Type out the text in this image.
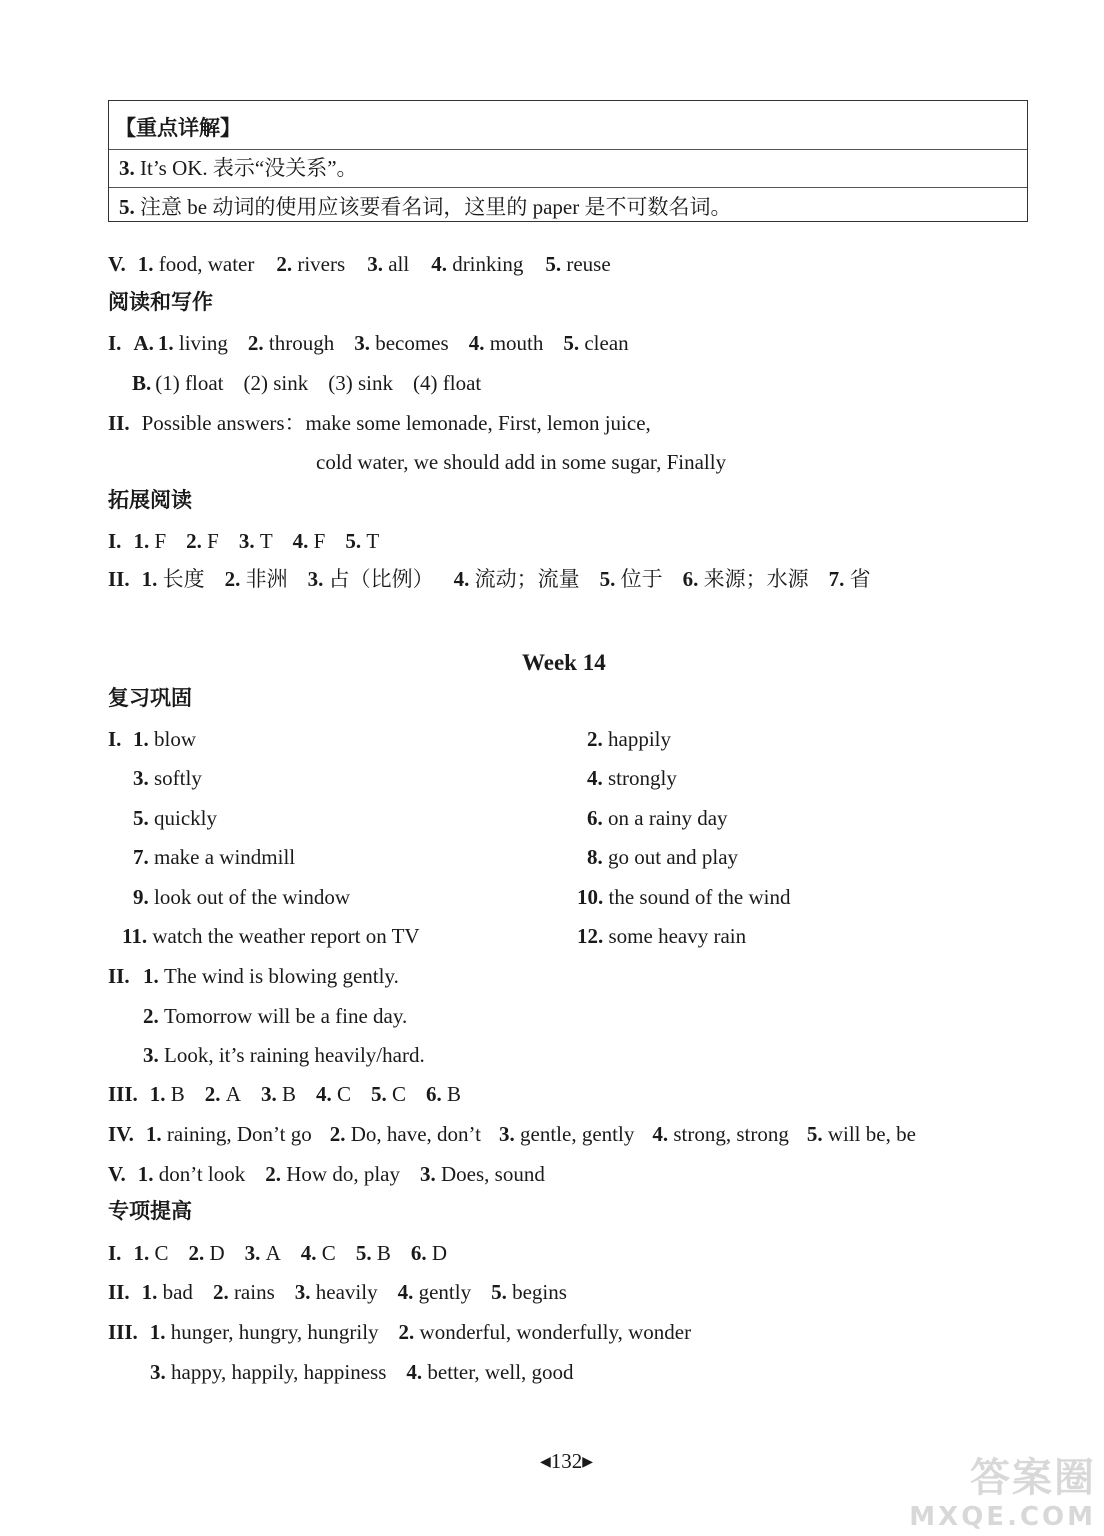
【重点详解】
3. It’s OK. 表示“没关系”。
5. 注意 be 动词的使用应该要看名词，这里的 paper 是不可数名词。
V. 1. food, water 2. rivers 3. all 4. drinking 5. reuse
阅读和写作
I. A. 1. living 2. through 3. becomes 4. mouth 5. clean
B. (1) float (2) sink (3) sink (4) float
II. Possible answers：make some lemonade, First, lemon juice,
cold water, we should add in some sugar, Finally
拓展阅读
I. 1. F 2. F 3. T 4. F 5. T
II. 1. 长度 2. 非洲 3. 占（比例） 4. 流动；流量 5. 位于 6. 来源；水源 7. 省
复习巩固
I. 1. blow	2. happily
3. softly	4. strongly
5. quickly	6. on a rainy day
7. make a windmill	8. go out and play
9. look out of the window	10. the sound of the wind
11. watch the weather report on TV	12. some heavy rain
II. 1. The wind is blowing gently.
2. Tomorrow will be a fine day.
3. Look, it’s raining heavily/hard.
III. 1. B 2. A 3. B 4. C 5. C 6. B
IV. 1. raining, Don’t go 2. Do, have, don’t 3. gentle, gently 4. strong, strong 5. will be, be
V. 1. don’t look 2. How do, play 3. Does, sound
专项提高
I. 1. C 2. D 3. A 4. C 5. B 6. D
II. 1. bad 2. rains 3. heavily 4. gently 5. begins
III. 1. hunger, hungry, hungrily 2. wonderful, wonderfully, wonder
3. happy, happily, happiness 4. better, well, good
Week 14
◀132▶	答案圈
MXQE.COM
